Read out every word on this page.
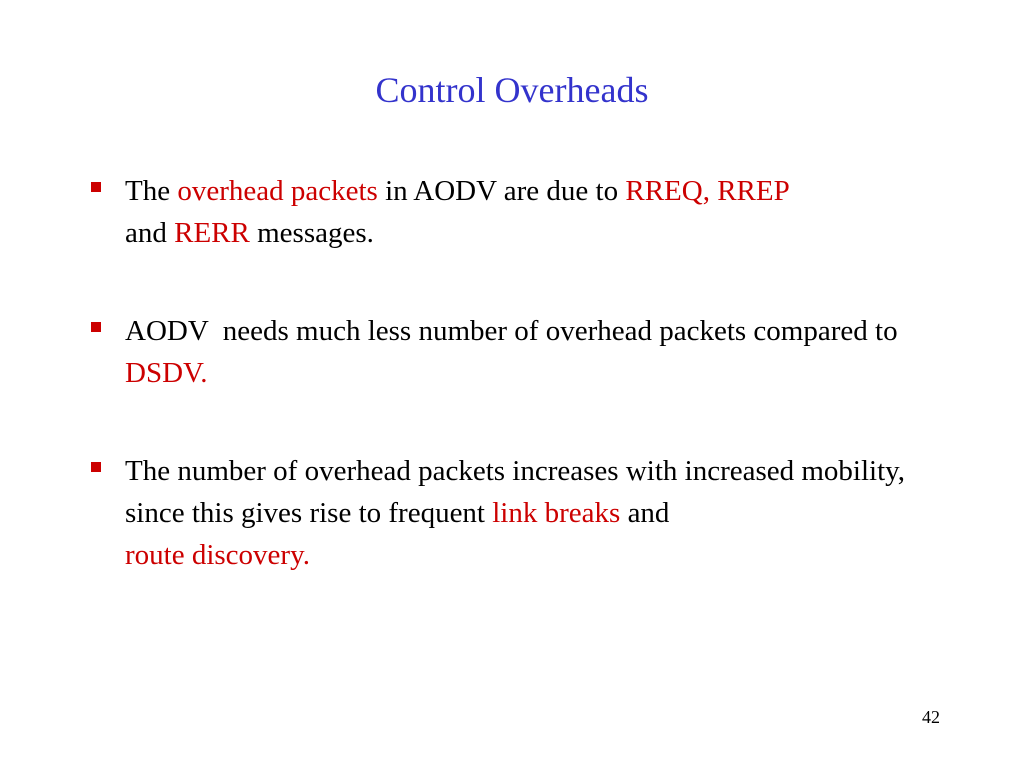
Control Overheads
The overhead packets in AODV are due to RREQ, RREP
and RERR messages.
AODV  needs much less number of overhead packets compared to DSDV.
The number of overhead packets increases with increased mobility, since this gives rise to frequent link breaks and
route discovery.
42
